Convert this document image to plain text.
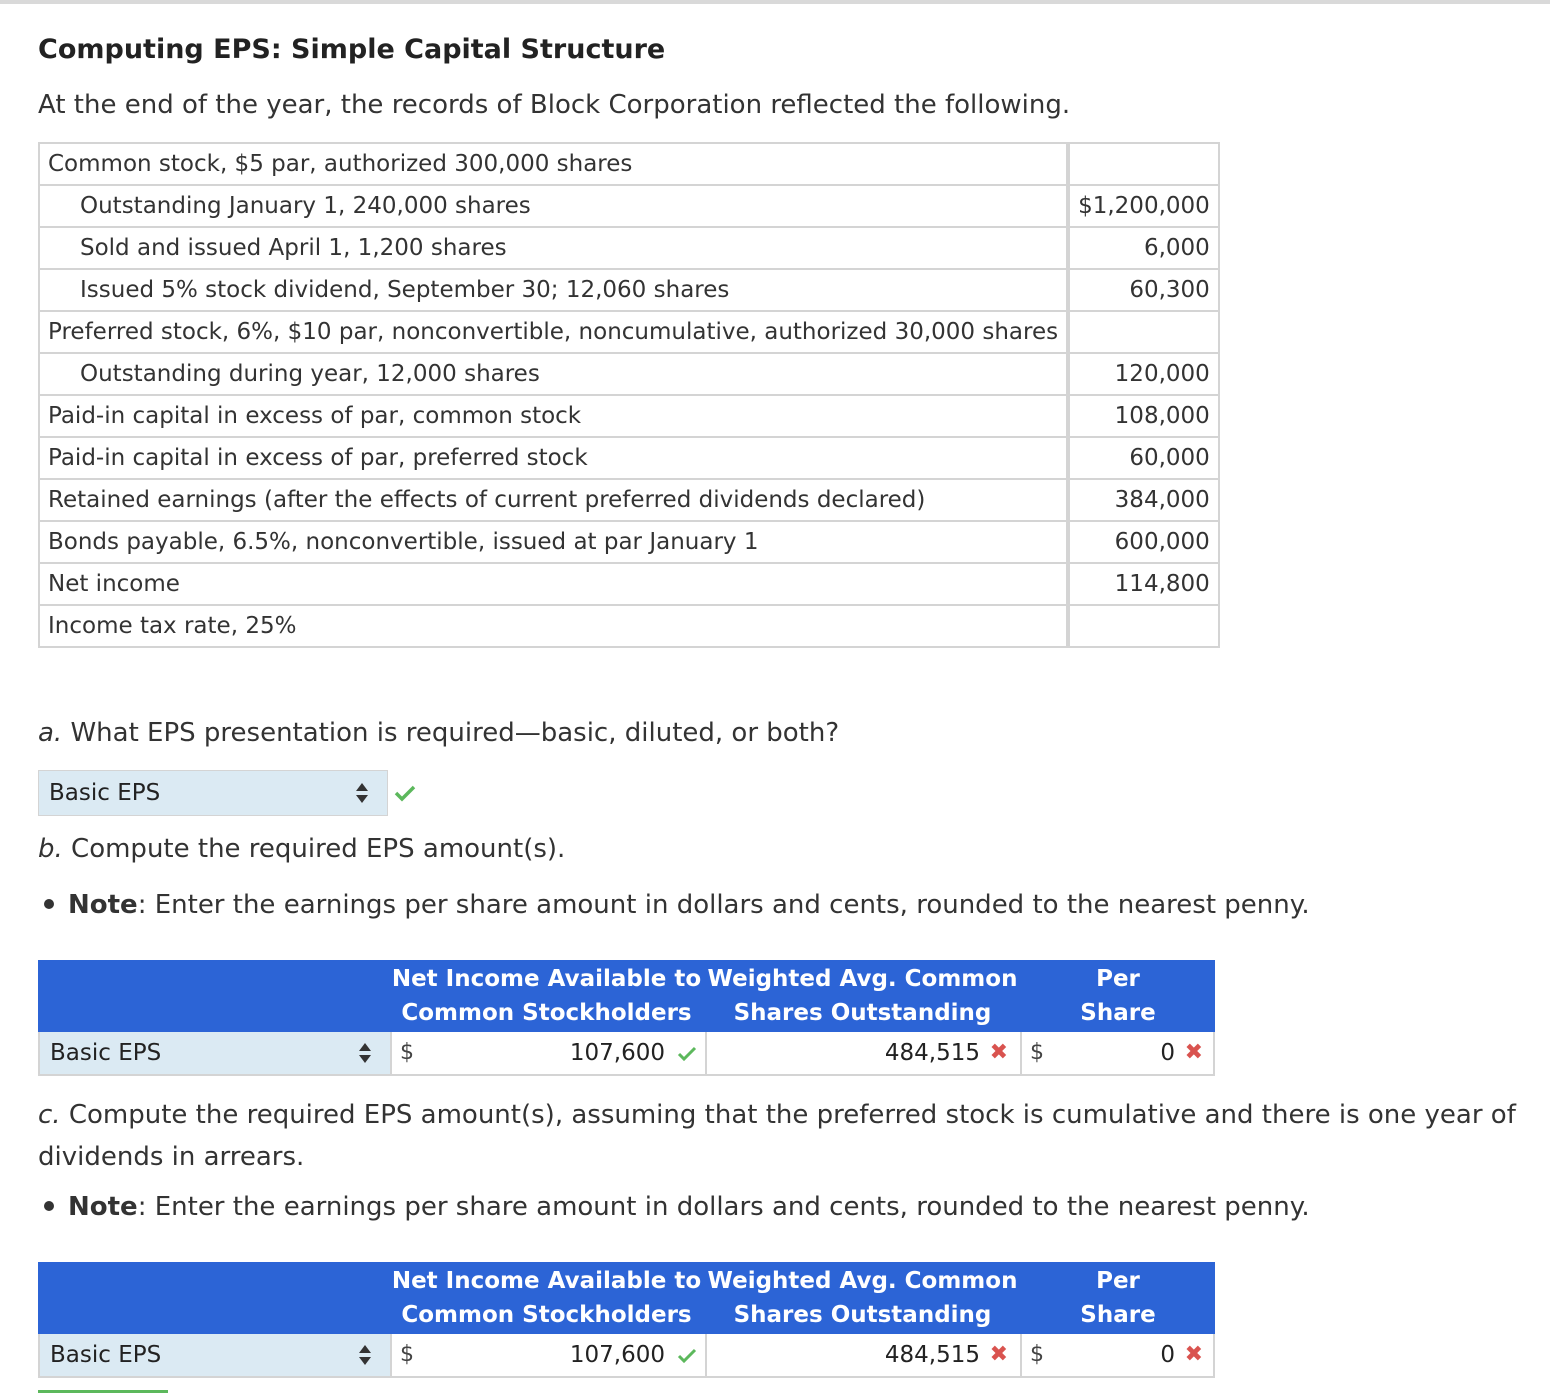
Computing EPS: Simple Capital Structure
At the end of the year, the records of Block Corporation reflected the following.
Common stock, $5 par, authorized 300,000 shares	
Outstanding January 1, 240,000 shares	$1,200,000
Sold and issued April 1, 1,200 shares	6,000
Issued 5% stock dividend, September 30; 12,060 shares	60,300
Preferred stock, 6%, $10 par, nonconvertible, noncumulative, authorized 30,000 shares	
Outstanding during year, 12,000 shares	120,000
Paid-in capital in excess of par, common stock	108,000
Paid-in capital in excess of par, preferred stock	60,000
Retained earnings (after the effects of current preferred dividends declared)	384,000
Bonds payable, 6.5%, nonconvertible, issued at par January 1	600,000
Net income	114,800
Income tax rate, 25%	
a. What EPS presentation is required—basic, diluted, or both?
Basic EPS
b. Compute the required EPS amount(s).
Note: Enter the earnings per share amount in dollars and cents, rounded to the nearest penny.
Net Income Available to
Common Stockholders
Weighted Avg. Common
Shares Outstanding
Per
Share
Basic EPS	$	107,600	484,515 ✖ $	0 ✖
c. Compute the required EPS amount(s), assuming that the preferred stock is cumulative and there is one year of
dividends in arrears.
Note: Enter the earnings per share amount in dollars and cents, rounded to the nearest penny.
Net Income Available to
Common Stockholders
Weighted Avg. Common
Shares Outstanding
Per
Share
Basic EPS	$	107,600	484,515 ✖ $	0 ✖
